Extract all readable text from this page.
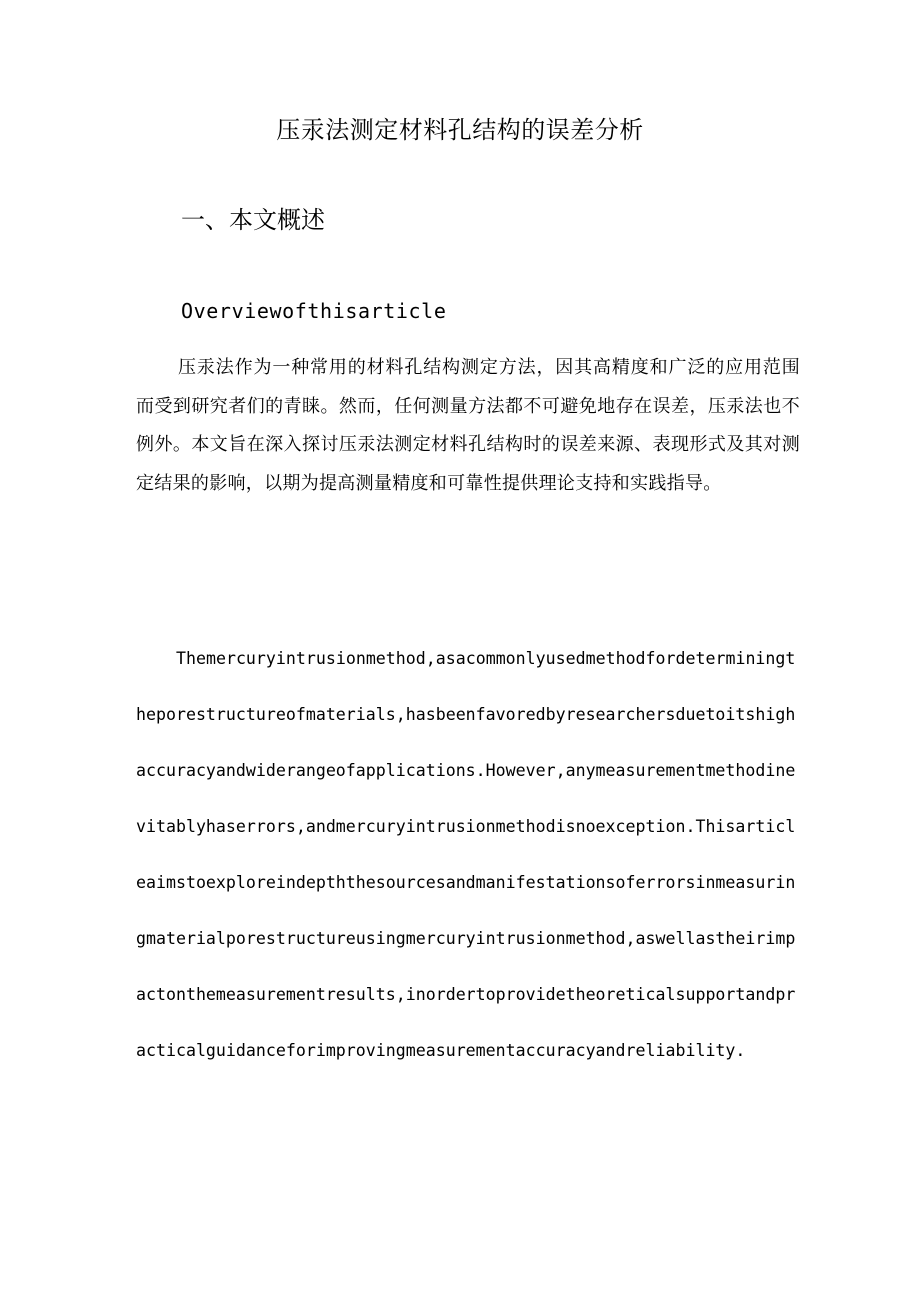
压汞法测定材料孔结构的误差分析
一、本文概述
Overviewofthisarticle

压汞法作为一种常用的材料孔结构测定方法，因其高精度和广泛的应用范围而受到研究者们的青睐。然而，任何测量方法都不可避免地存在误差，压汞法也不例外。本文旨在深入探讨压汞法测定材料孔结构时的误差来源、表现形式及其对测定结果的影响，以期为提高测量精度和可靠性提供理论支持和实践指导。

Themercuryintrusionmethod,asacommonlyusedmethodfordeterminingtheporestructureofmaterials,hasbeenfavoredbyresearchersduetoitshighaccuracyandwiderangeofapplications.However,anymeasurementmethodinevitablyhaserrors,andmercuryintrusionmethodisnoexception.Thisarticleaimstoexploreindepththesourcesandmanifestationsoferrorsinmeasuringmaterialporestructureusingmercuryintrusionmethod,aswellastheirimpactonthemeasurementresults,inordertoprovidetheoreticalsupportandpracticalguidanceforimprovingmeasurementaccuracyandreliability.
